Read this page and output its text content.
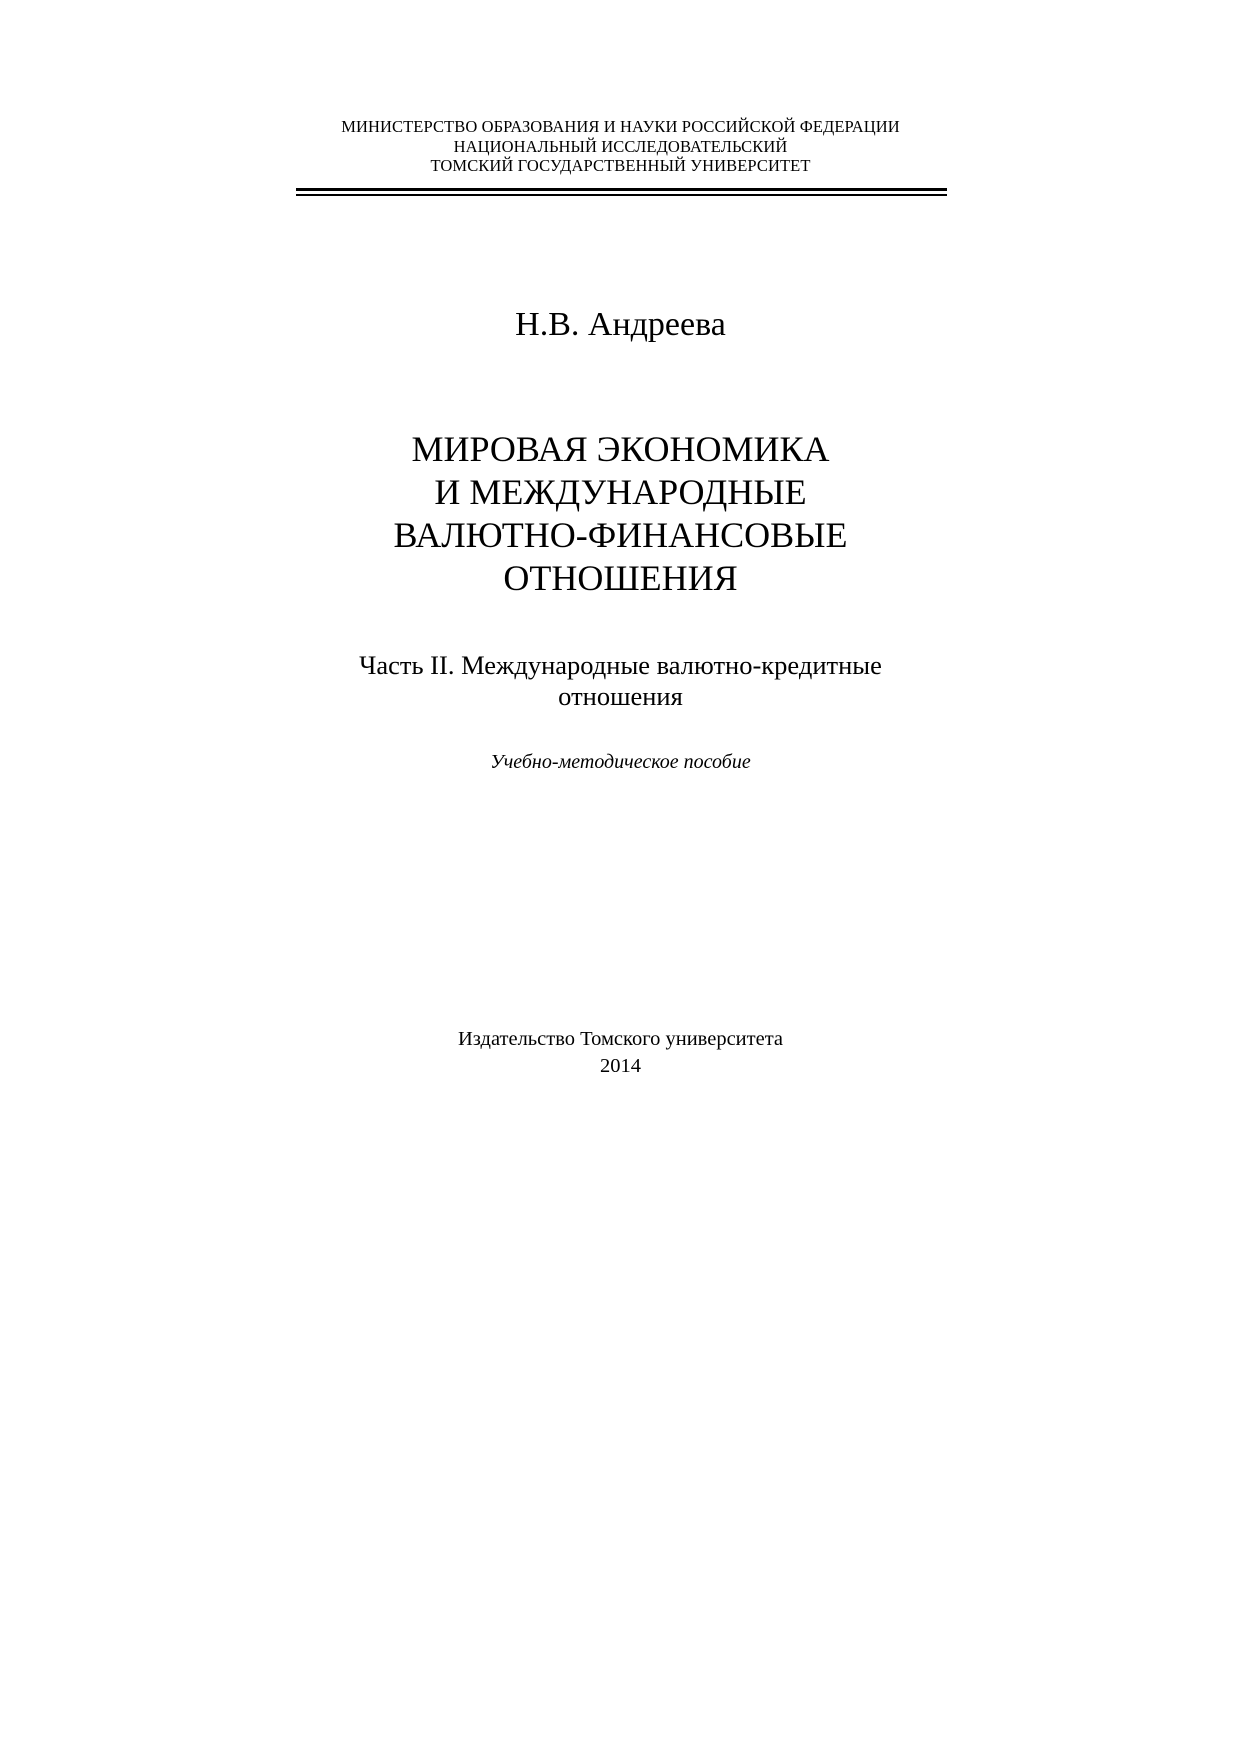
МИНИСТЕРСТВО ОБРАЗОВАНИЯ И НАУКИ РОССИЙСКОЙ ФЕДЕРАЦИИ
НАЦИОНАЛЬНЫЙ ИССЛЕДОВАТЕЛЬСКИЙ
ТОМСКИЙ ГОСУДАРСТВЕННЫЙ УНИВЕРСИТЕТ
Н.В. Андреева
МИРОВАЯ ЭКОНОМИКА
И МЕЖДУНАРОДНЫЕ
ВАЛЮТНО-ФИНАНСОВЫЕ
ОТНОШЕНИЯ
Часть II. Международные валютно-кредитные
отношения
Учебно-методическое пособие
Издательство Томского университета
2014
